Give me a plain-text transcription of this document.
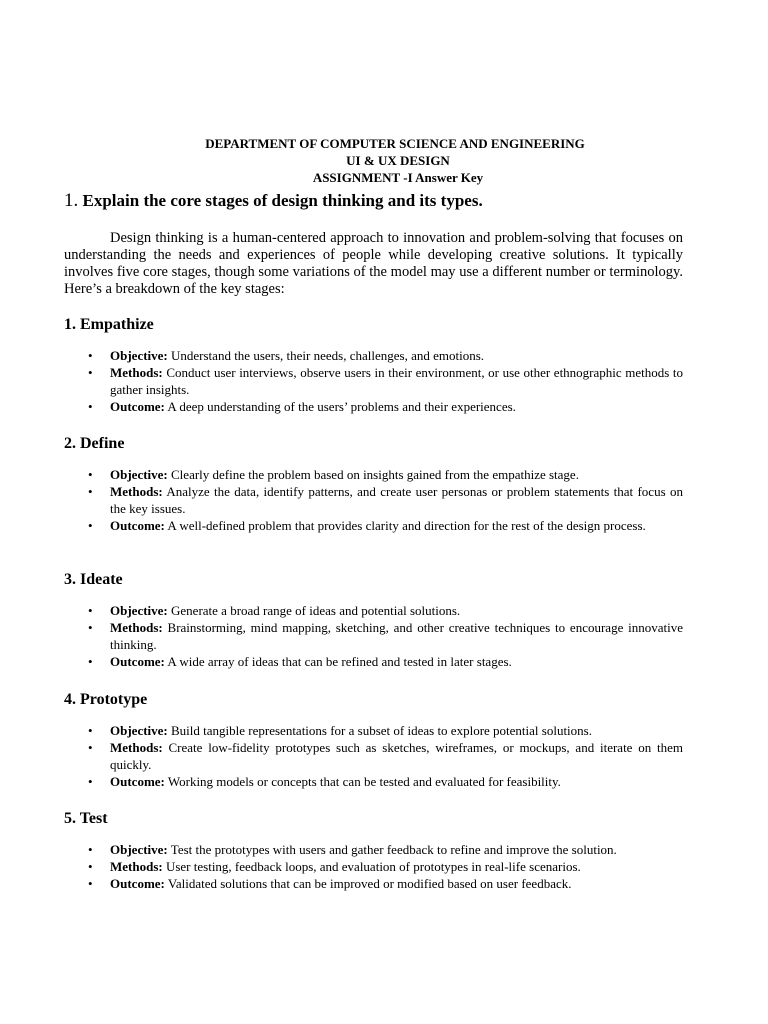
DEPARTMENT OF COMPUTER SCIENCE AND ENGINEERING
UI & UX DESIGN
ASSIGNMENT -I Answer Key
1. Explain the core stages of design thinking and its types.

Design thinking is a human-centered approach to innovation and problem-solving that focuses on understanding the needs and experiences of people while developing creative solutions. It typically involves five core stages, though some variations of the model may use a different number or terminology. Here’s a breakdown of the key stages:

1. Empathize
• Objective: Understand the users, their needs, challenges, and emotions.
• Methods: Conduct user interviews, observe users in their environment, or use other ethnographic methods to gather insights.
• Outcome: A deep understanding of the users’ problems and their experiences.
2. Define
• Objective: Clearly define the problem based on insights gained from the empathize stage.
• Methods: Analyze the data, identify patterns, and create user personas or problem statements that focus on the key issues.
• Outcome: A well-defined problem that provides clarity and direction for the rest of the design process.
3. Ideate
• Objective: Generate a broad range of ideas and potential solutions.
• Methods: Brainstorming, mind mapping, sketching, and other creative techniques to encourage innovative thinking.
• Outcome: A wide array of ideas that can be refined and tested in later stages.
4. Prototype
• Objective: Build tangible representations for a subset of ideas to explore potential solutions.
• Methods: Create low-fidelity prototypes such as sketches, wireframes, or mockups, and iterate on them quickly.
• Outcome: Working models or concepts that can be tested and evaluated for feasibility.
5. Test
• Objective: Test the prototypes with users and gather feedback to refine and improve the solution.
• Methods: User testing, feedback loops, and evaluation of prototypes in real-life scenarios.
• Outcome: Validated solutions that can be improved or modified based on user feedback.
